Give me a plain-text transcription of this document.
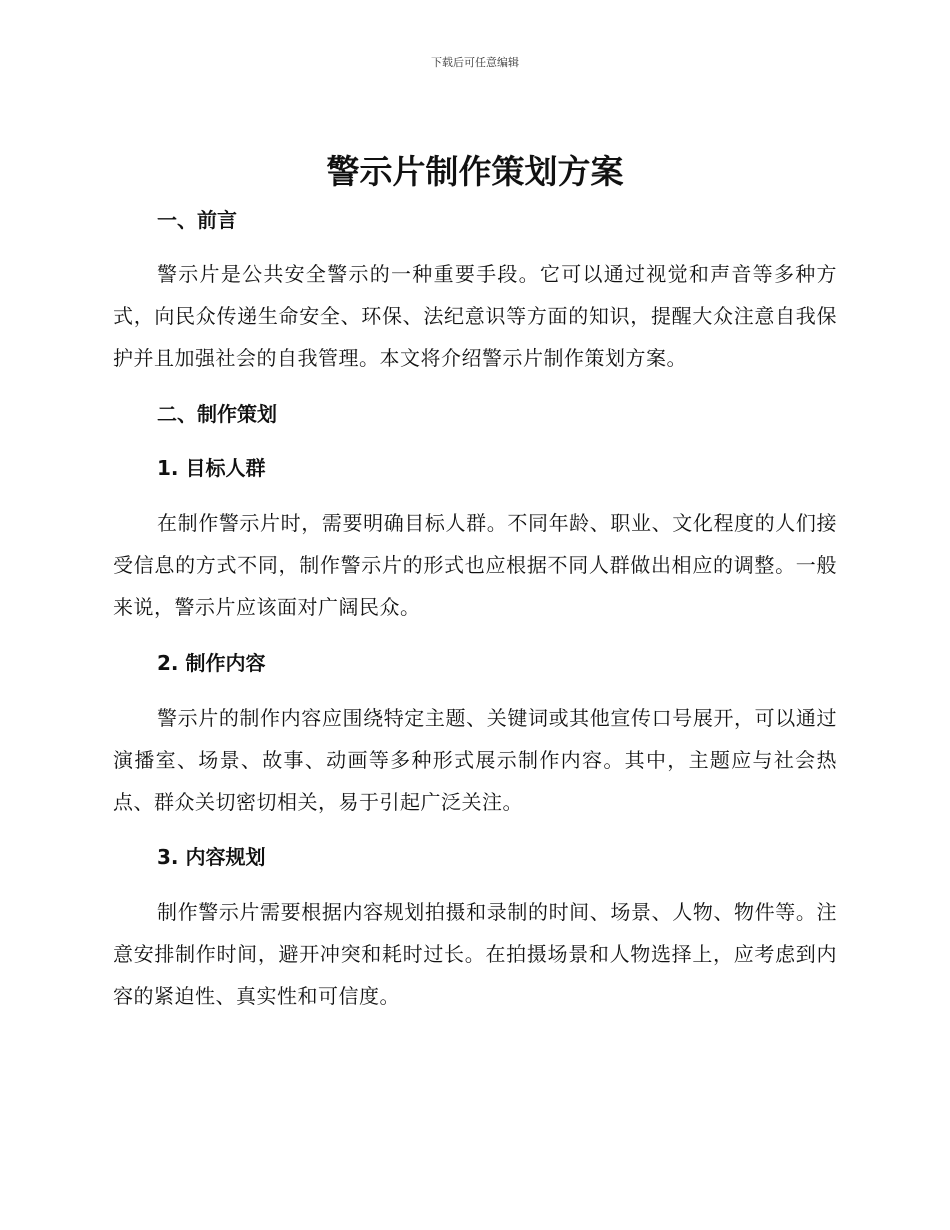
下载后可任意编辑
警示片制作策划方案
一、前言

警示片是公共安全警示的一种重要手段。它可以通过视觉和声音等多种方式，向民众传递生命安全、环保、法纪意识等方面的知识，提醒大众注意自我保护并且加强社会的自我管理。本文将介绍警示片制作策划方案。

二、制作策划
1. 目标人群

在制作警示片时，需要明确目标人群。不同年龄、职业、文化程度的人们接受信息的方式不同，制作警示片的形式也应根据不同人群做出相应的调整。一般来说，警示片应该面对广阔民众。

2. 制作内容

警示片的制作内容应围绕特定主题、关键词或其他宣传口号展开，可以通过演播室、场景、故事、动画等多种形式展示制作内容。其中，主题应与社会热点、群众关切密切相关，易于引起广泛关注。

3. 内容规划

制作警示片需要根据内容规划拍摄和录制的时间、场景、人物、物件等。注意安排制作时间，避开冲突和耗时过长。在拍摄场景和人物选择上，应考虑到内容的紧迫性、真实性和可信度。
